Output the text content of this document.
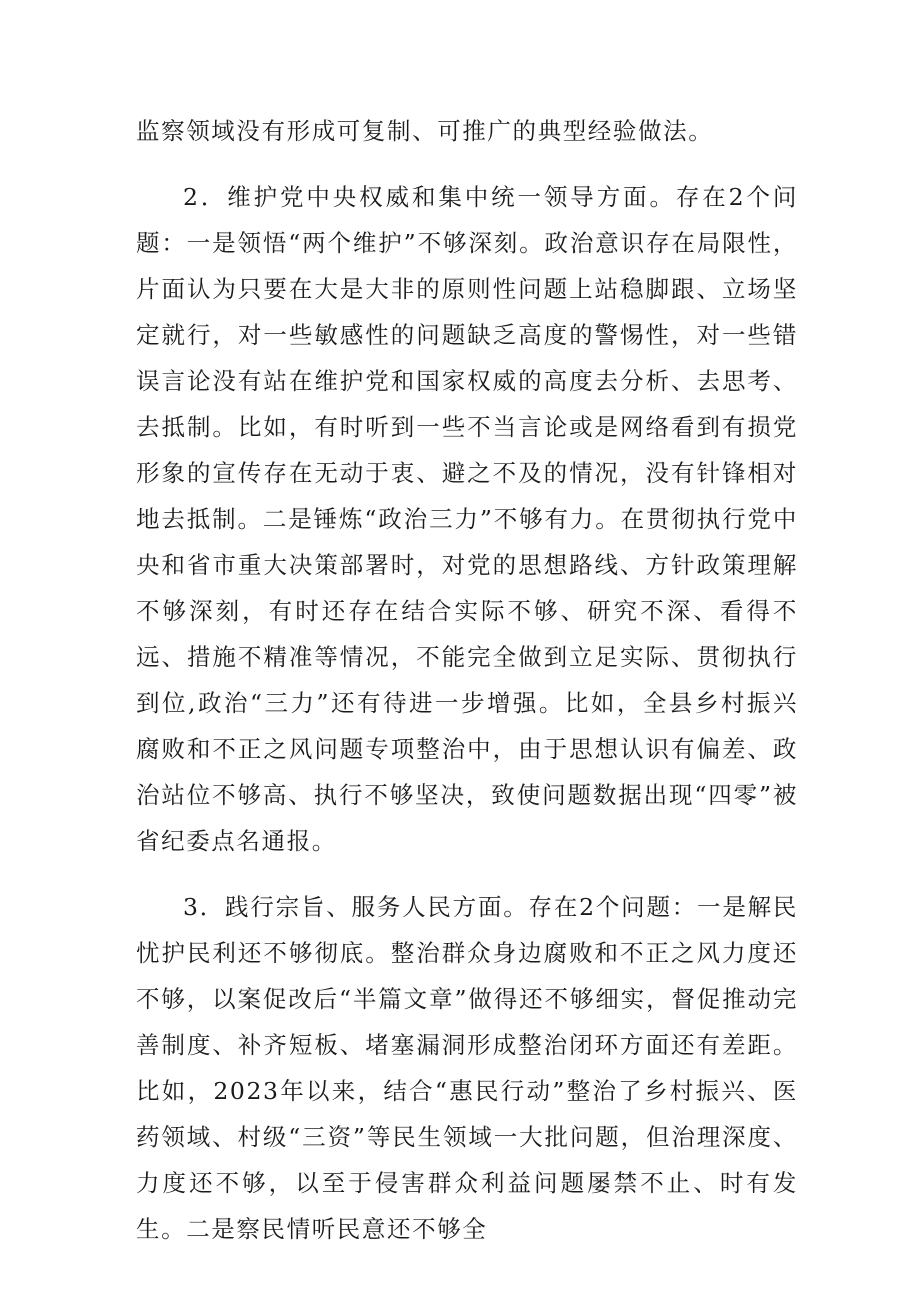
监察领域没有形成可复制、可推广的典型经验做法。

2．维护党中央权威和集中统一领导方面。存在2个问题：一是领悟“两个维护”不够深刻。政治意识存在局限性，片面认为只要在大是大非的原则性问题上站稳脚跟、立场坚定就行，对一些敏感性的问题缺乏高度的警惕性，对一些错误言论没有站在维护党和国家权威的高度去分析、去思考、去抵制。比如，有时听到一些不当言论或是网络看到有损党形象的宣传存在无动于衷、避之不及的情况，没有针锋相对地去抵制。二是锤炼“政治三力”不够有力。在贯彻执行党中央和省市重大决策部署时，对党的思想路线、方针政策理解不够深刻，有时还存在结合实际不够、研究不深、看得不远、措施不精准等情况，不能完全做到立足实际、贯彻执行到位,政治“三力”还有待进一步增强。比如，全县乡村振兴腐败和不正之风问题专项整治中，由于思想认识有偏差、政治站位不够高、执行不够坚决，致使问题数据出现“四零”被省纪委点名通报。

3．践行宗旨、服务人民方面。存在2个问题：一是解民忧护民利还不够彻底。整治群众身边腐败和不正之风力度还不够，以案促改后“半篇文章”做得还不够细实，督促推动完善制度、补齐短板、堵塞漏洞形成整治闭环方面还有差距。比如，2023年以来，结合“惠民行动”整治了乡村振兴、医药领域、村级“三资”等民生领域一大批问题，但治理深度、力度还不够，以至于侵害群众利益问题屡禁不止、时有发生。二是察民情听民意还不够全
